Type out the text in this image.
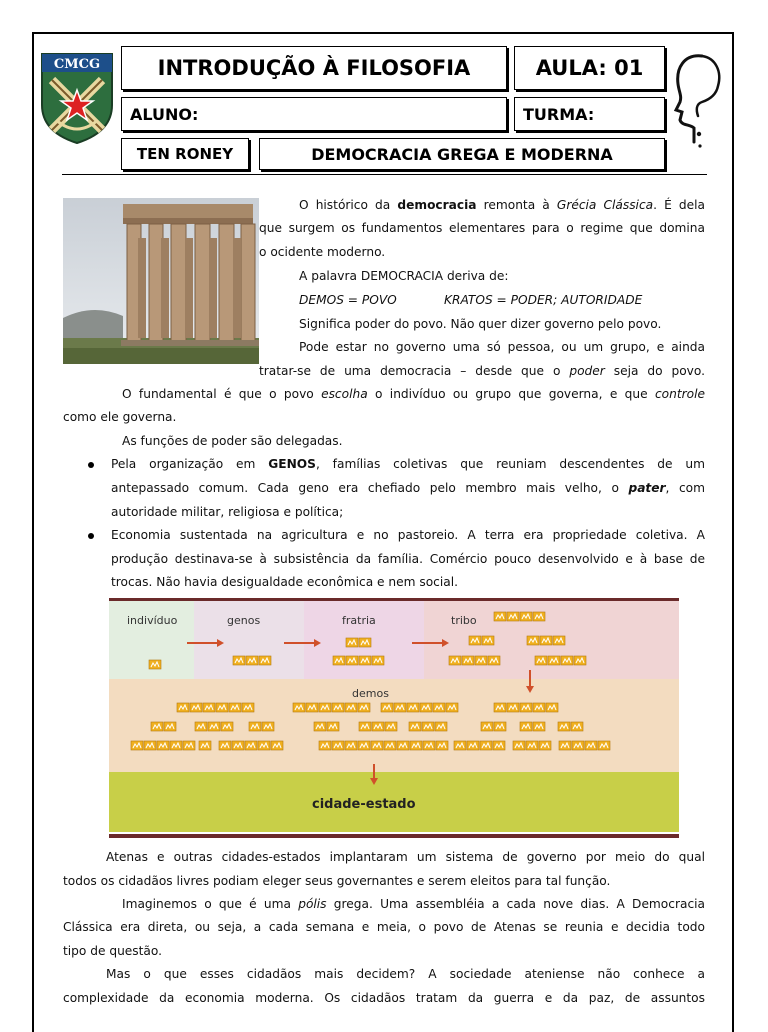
CMCG	INTRODUÇÃO À FILOSOFIA	AULA: 01
ALUNO:	TURMA:
TEN RONEY	DEMOCRACIA GREGA E MODERNA
O histórico da democracia remonta à Grécia Clássica. É dela
que surgem os fundamentos elementares para o regime que domina
o ocidente moderno.
A palavra DEMOCRACIA deriva de:
DEMOS = POVO	KRATOS = PODER; AUTORIDADE
Significa poder do povo. Não quer dizer governo pelo povo.
Pode estar no governo uma só pessoa, ou um grupo, e ainda
tratar-se de uma democracia – desde que o poder seja do povo.
O fundamental é que o povo escolha o indivíduo ou grupo que governa, e que controle
como ele governa.
As funções de poder são delegadas.
Pela organização em GENOS, famílias coletivas que reuniam descendentes de um
antepassado comum. Cada geno era chefiado pelo membro mais velho, o pater, com
autoridade militar, religiosa e política;
Economia sustentada na agricultura e no pastoreio. A terra era propriedade coletiva. A
produção destinava-se à subsistência da família. Comércio pouco desenvolvido e à base de
trocas. Não havia desigualdade econômica e nem social.
indivíduo	genos	fratria	tribo
demos
cidade-estado
Atenas e outras cidades-estados implantaram um sistema de governo por meio do qual
todos os cidadãos livres podiam eleger seus governantes e serem eleitos para tal função.
Imaginemos o que é uma pólis grega. Uma assembléia a cada nove dias. A Democracia
Clássica era direta, ou seja, a cada semana e meia, o povo de Atenas se reunia e decidia todo
tipo de questão.
Mas o que esses cidadãos mais decidem? A sociedade ateniense não conhece a
complexidade da economia moderna. Os cidadãos tratam da guerra e da paz, de assuntos
